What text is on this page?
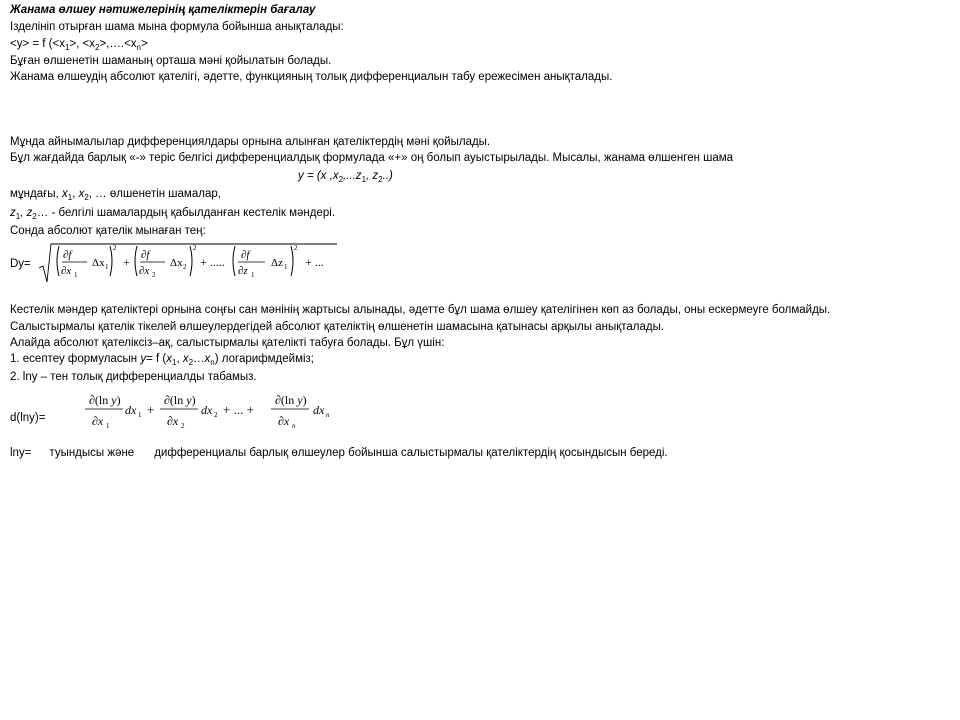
Жанама өлшеу нәтижелерінің қателіктерін бағалау
Ізделініп отырған шама мына формула бойынша анықталады:
<y> = f ($<x_1>$, $<x_2>,\dots.<x_n>$
Бұған өлшенетін шаманың орташа мәні қойылатын болады.
Жанама өлшеудің абсолют қателігі, әдетте, функцияның толық дифференциалын табу ережесімен анықталады.
Мұнда айнымалылар дифференциялдары орнына алынған қателіктердің мәні қойылады.
Бұл жағдайда барлық «-» теріс белгісі дифференциалдық формулада «+» оң болып ауыстырылады. Мысалы, жанама өлшенген шама
y = (x $,x_2,...z_1$, $z_2$..)
мұндағы, $x_1$, $x_2$, … өлшенетін шамалар,
$z_1$, $z_2\dots$ - белгілі шамалардың қабылданған кестелік мәндері.
Сонда абсолют қателік мынаған тең:
Dy=
∂f
∂x 1
Δx 1
2
+ ∂f
∂x 2
Δx 2
2
+ ..... ∂f
∂z 1
Δz 1
2
+ ...
Кестелік мәндер қателіктері орнына соңғы сан мәнінің жартысы алынады, әдетте бұл шама өлшеу қателігінен көп аз болады, оны ескермеуге болмайды.
Салыстырмалы қателік тікелей өлшеулердегідей абсолют қателіктің өлшенетін шамасына қатынасы арқылы анықталады.
Алайда абсолют қателіксіз–ақ, салыстырмалы қателікті табуға болады. Бұл үшін:
1. есептеу формуласын y= f ($x_1$, $x_2\dots x_n$) логарифмдейміз;
2. lny – тен толық дифференциалды табамыз.
d(lny)=
∂(ln y)
∂x 1
dx 1 +
∂(ln y)
∂x 2
dx 2 + ... +
∂(ln y)
∂x n
dx n
lny= туындысы және дифференциалы барлық өлшеулер бойынша салыстырмалы қателіктердің қосындысын береді.
